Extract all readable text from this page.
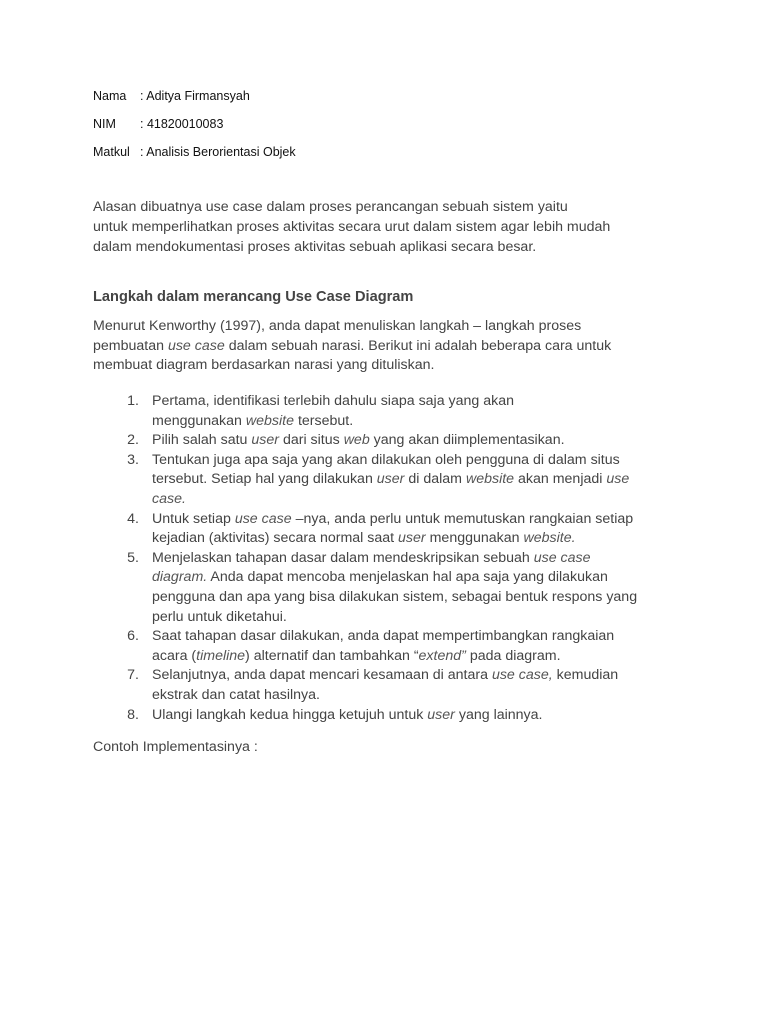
Nama : Aditya Firmansyah
NIM : 41820010083
Matkul : Analisis Berorientasi Objek
Alasan dibuatnya use case dalam proses perancangan sebuah sistem yaitu
untuk memperlihatkan proses aktivitas secara urut dalam sistem agar lebih mudah
dalam mendokumentasi proses aktivitas sebuah aplikasi secara besar.
Langkah dalam merancang Use Case Diagram
Menurut Kenworthy (1997), anda dapat menuliskan langkah – langkah proses
pembuatan use case dalam sebuah narasi. Berikut ini adalah beberapa cara untuk
membuat diagram berdasarkan narasi yang dituliskan.
1. Pertama, identifikasi terlebih dahulu siapa saja yang akan
menggunakan website tersebut.
2. Pilih salah satu user dari situs web yang akan diimplementasikan.
3. Tentukan juga apa saja yang akan dilakukan oleh pengguna di dalam situs
tersebut. Setiap hal yang dilakukan user di dalam website akan menjadi use
case.
4. Untuk setiap use case –nya, anda perlu untuk memutuskan rangkaian setiap
kejadian (aktivitas) secara normal saat user menggunakan website.
5. Menjelaskan tahapan dasar dalam mendeskripsikan sebuah use case
diagram. Anda dapat mencoba menjelaskan hal apa saja yang dilakukan
pengguna dan apa yang bisa dilakukan sistem, sebagai bentuk respons yang
perlu untuk diketahui.
6. Saat tahapan dasar dilakukan, anda dapat mempertimbangkan rangkaian
acara (timeline) alternatif dan tambahkan “extend” pada diagram.
7. Selanjutnya, anda dapat mencari kesamaan di antara use case, kemudian
ekstrak dan catat hasilnya.
8. Ulangi langkah kedua hingga ketujuh untuk user yang lainnya.
Contoh Implementasinya :
